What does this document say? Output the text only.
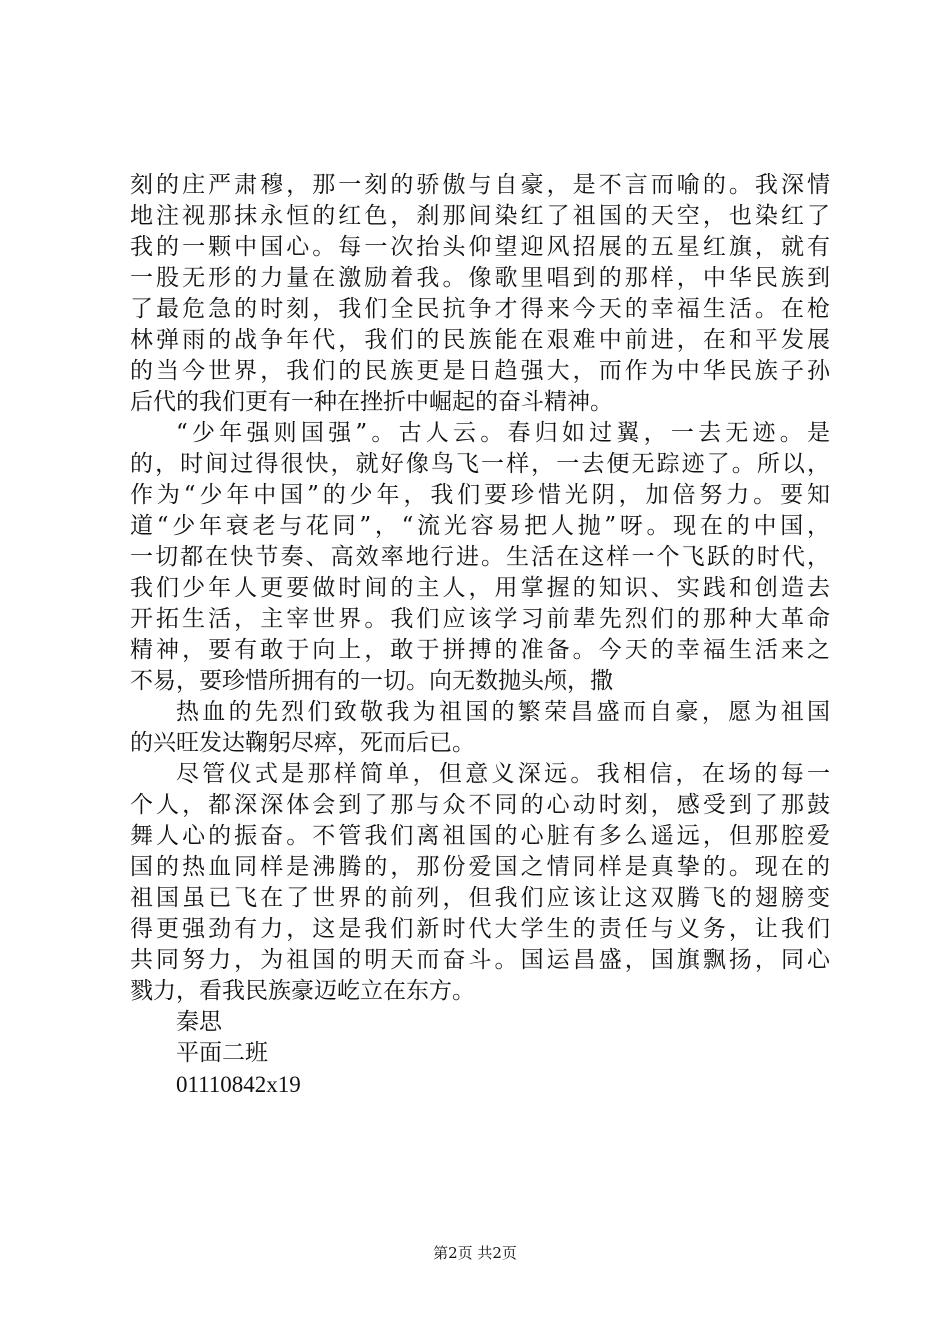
刻的庄严肃穆，那一刻的骄傲与自豪，是不言而喻的。我深情
地注视那抹永恒的红色，刹那间染红了祖国的天空，也染红了
我的一颗中国心。每一次抬头仰望迎风招展的五星红旗，就有
一股无形的力量在激励着我。像歌里唱到的那样，中华民族到
了最危急的时刻，我们全民抗争才得来今天的幸福生活。在枪
林弹雨的战争年代，我们的民族能在艰难中前进，在和平发展
的当今世界，我们的民族更是日趋强大，而作为中华民族子孙
后代的我们更有一种在挫折中崛起的奋斗精神。
“少年强则国强”。古人云。春归如过翼，一去无迹。是
的，时间过得很快，就好像鸟飞一样，一去便无踪迹了。所以，
作为“少年中国”的少年，我们要珍惜光阴，加倍努力。要知
道“少年衰老与花同”，“流光容易把人抛”呀。现在的中国，
一切都在快节奏、高效率地行进。生活在这样一个飞跃的时代，
我们少年人更要做时间的主人，用掌握的知识、实践和创造去
开拓生活，主宰世界。我们应该学习前辈先烈们的那种大革命
精神，要有敢于向上，敢于拼搏的准备。今天的幸福生活来之
不易，要珍惜所拥有的一切。向无数抛头颅，撒
热血的先烈们致敬我为祖国的繁荣昌盛而自豪，愿为祖国
的兴旺发达鞠躬尽瘁，死而后已。
尽管仪式是那样简单，但意义深远。我相信，在场的每一
个人，都深深体会到了那与众不同的心动时刻，感受到了那鼓
舞人心的振奋。不管我们离祖国的心脏有多么遥远，但那腔爱
国的热血同样是沸腾的，那份爱国之情同样是真挚的。现在的
祖国虽已飞在了世界的前列，但我们应该让这双腾飞的翅膀变
得更强劲有力，这是我们新时代大学生的责任与义务，让我们
共同努力，为祖国的明天而奋斗。国运昌盛，国旗飘扬，同心
戮力，看我民族豪迈屹立在东方。
秦思
平面二班
01110842x19
第2页 共2页
